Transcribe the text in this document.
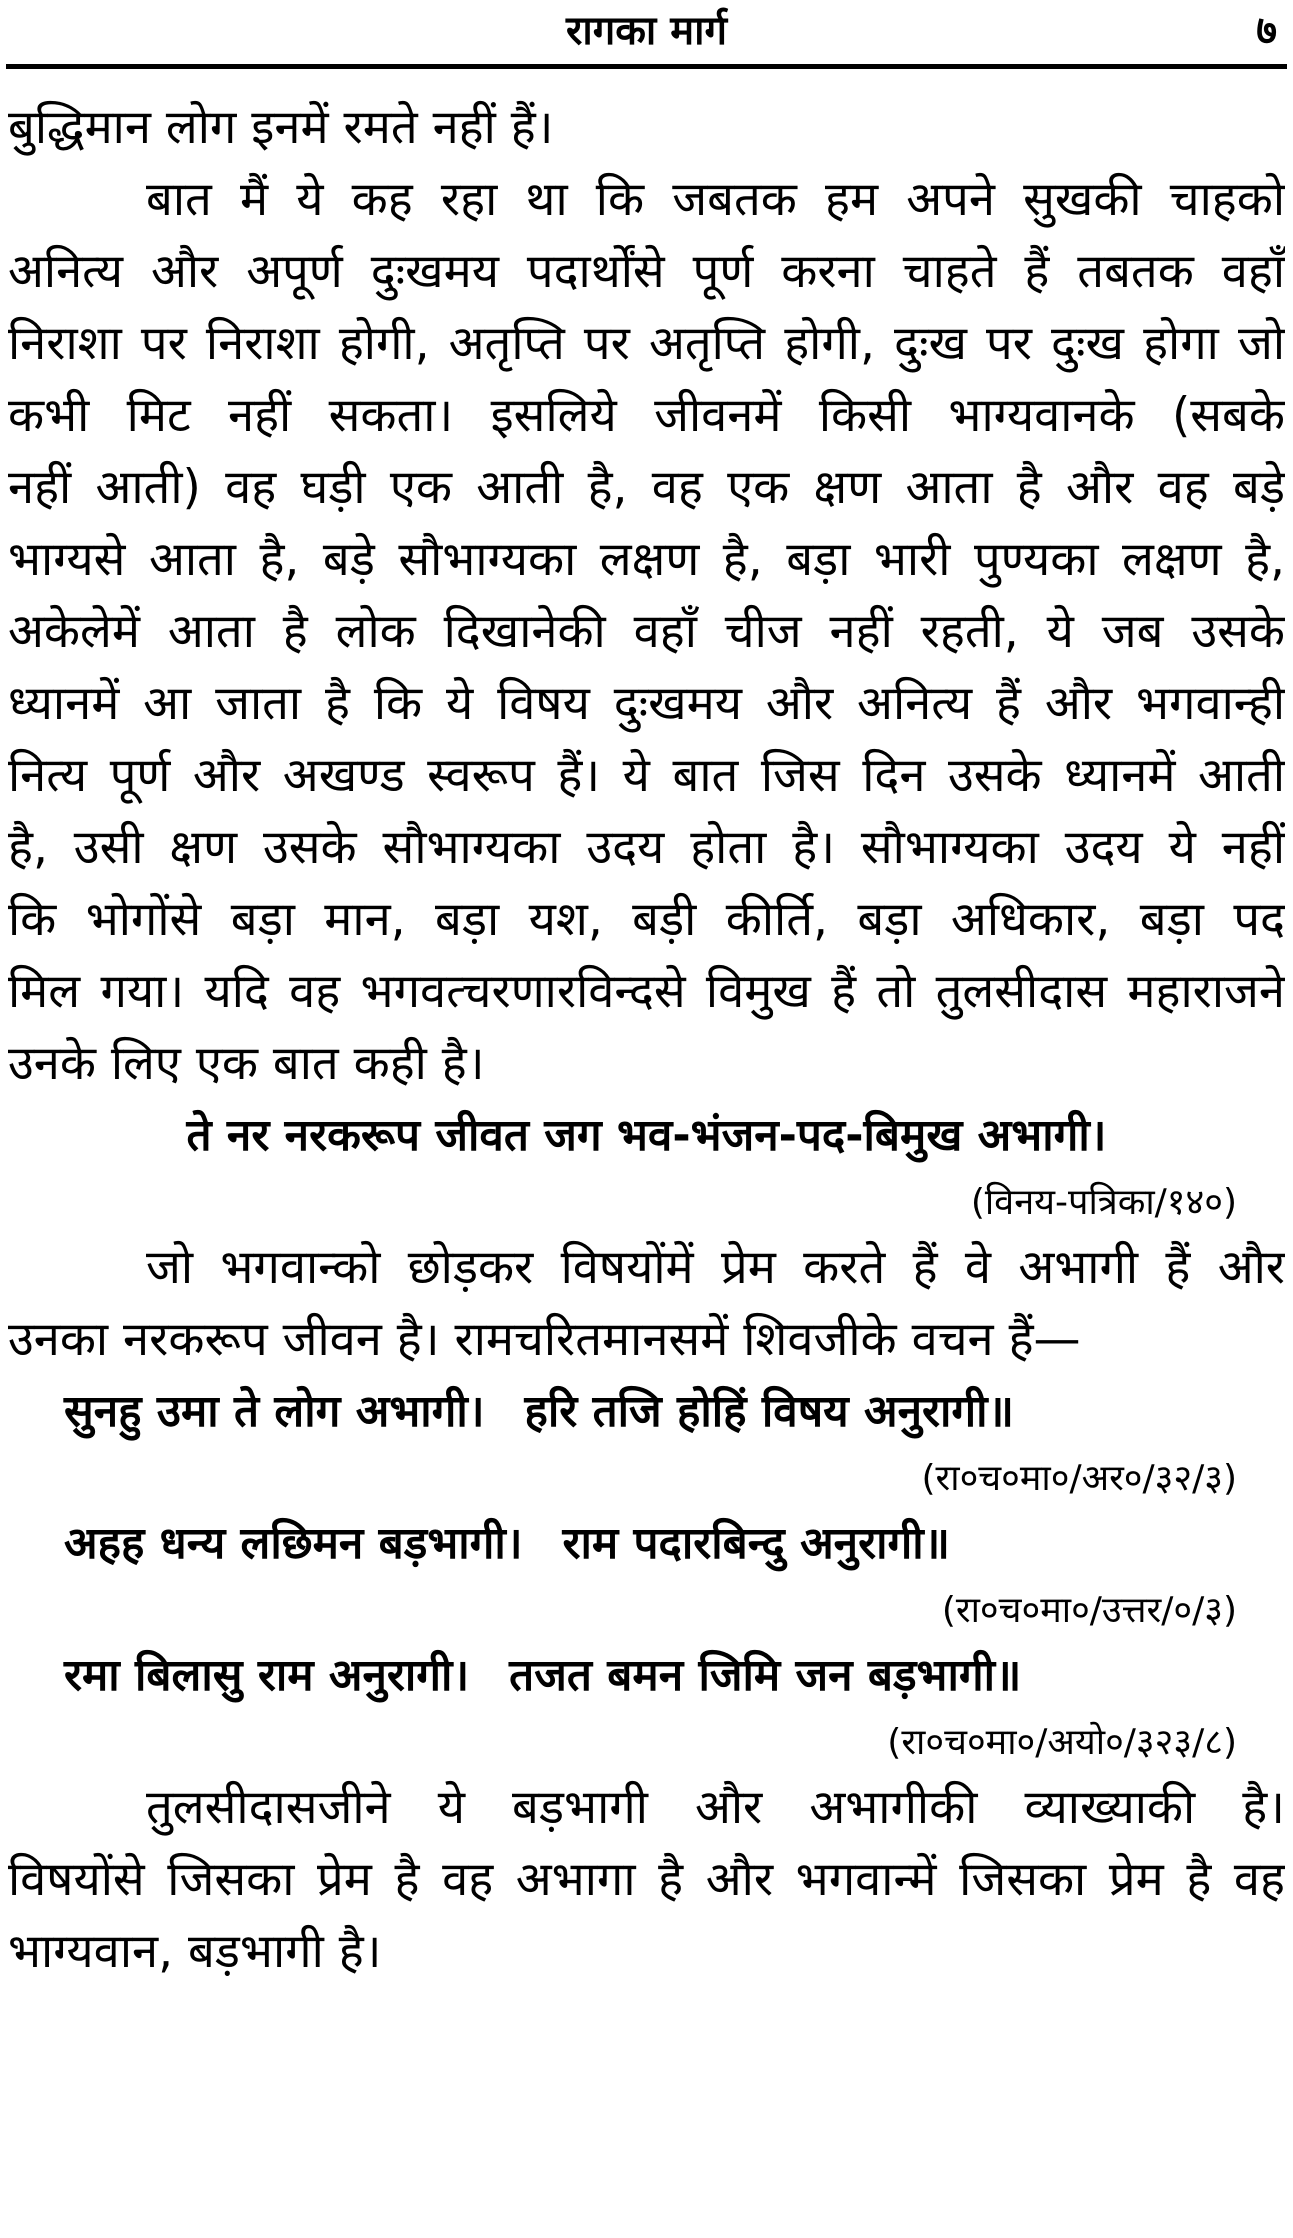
रागका मार्ग	७
बुद्धिमान लोग इनमें रमते नहीं हैं।
बात मैं ये कह रहा था कि जबतक हम अपने सुखकी चाहको
अनित्य और अपूर्ण दुःखमय पदार्थोंसे पूर्ण करना चाहते हैं तबतक वहाँ
निराशा पर निराशा होगी, अतृप्ति पर अतृप्ति होगी, दुःख पर दुःख होगा जो
कभी मिट नहीं सकता। इसलिये जीवनमें किसी भाग्यवानके (सबके
नहीं आती) वह घड़ी एक आती है, वह एक क्षण आता है और वह बड़े
भाग्यसे आता है, बड़े सौभाग्यका लक्षण है, बड़ा भारी पुण्यका लक्षण है,
अकेलेमें आता है लोक दिखानेकी वहाँ चीज नहीं रहती, ये जब उसके
ध्यानमें आ जाता है कि ये विषय दुःखमय और अनित्य हैं और भगवान्ही
नित्य पूर्ण और अखण्ड स्वरूप हैं। ये बात जिस दिन उसके ध्यानमें आती
है, उसी क्षण उसके सौभाग्यका उदय होता है। सौभाग्यका उदय ये नहीं
कि भोगोंसे बड़ा मान, बड़ा यश, बड़ी कीर्ति, बड़ा अधिकार, बड़ा पद
मिल गया। यदि वह भगवत्चरणारविन्दसे विमुख हैं तो तुलसीदास महाराजने
उनके लिए एक बात कही है।
ते नर नरकरूप जीवत जग भव-भंजन-पद-बिमुख अभागी।
(विनय-पत्रिका/१४०)
जो भगवान्को छोड़कर विषयोंमें प्रेम करते हैं वे अभागी हैं और
उनका नरकरूप जीवन है। रामचरितमानसमें शिवजीके वचन हैं—
सुनहु उमा ते लोग अभागी। हरि तजि होहिं विषय अनुरागी॥
(रा०च०मा०/अर०/३२/३)
अहह धन्य लछिमन बड़भागी। राम पदारबिन्दु अनुरागी॥
(रा०च०मा०/उत्तर/०/३)
रमा बिलासु राम अनुरागी। तजत बमन जिमि जन बड़भागी॥
(रा०च०मा०/अयो०/३२३/८)
तुलसीदासजीने ये बड़भागी और अभागीकी व्याख्याकी है।
विषयोंसे जिसका प्रेम है वह अभागा है और भगवान्में जिसका प्रेम है वह
भाग्यवान, बड़भागी है।
